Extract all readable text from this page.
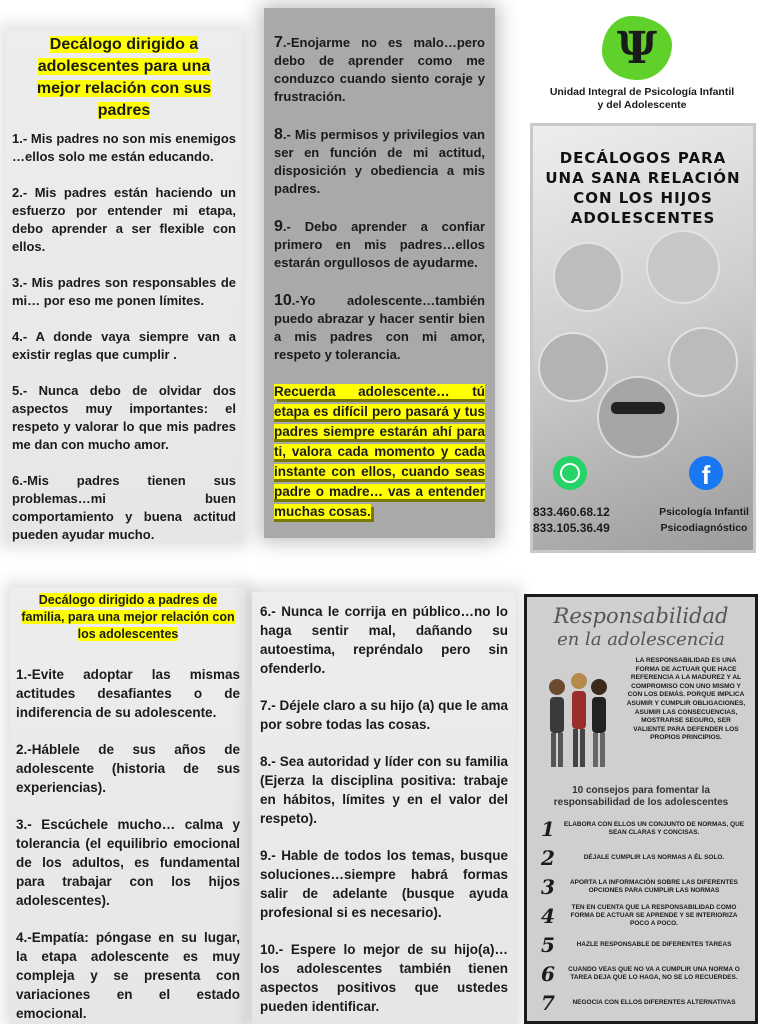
Decálogo dirigido a adolescentes para una mejor relación con sus padres

1.- Mis padres no son mis enemigos …ellos solo me están educando.

2.- Mis padres están haciendo un esfuerzo por entender mi etapa, debo aprender a ser flexible con ellos.

3.- Mis padres son responsables de mi… por eso me ponen límites.

4.- A donde vaya siempre van a existir reglas que cumplir .

5.- Nunca debo de olvidar dos aspectos muy importantes: el respeto y valorar lo que mis padres me dan con mucho amor.

6.-Mis padres tienen sus problemas…mi buen comportamiento y buena actitud pueden ayudar mucho.

7.-Enojarme no es malo…pero debo de aprender como me conduzco cuando siento coraje y frustración.

8.- Mis permisos y privilegios van ser en función de mi actitud, disposición y obediencia a mis padres.

9.- Debo aprender a confiar primero en mis padres…ellos estarán orgullosos de ayudarme.

10.-Yo adolescente…también puedo abrazar y hacer sentir bien a mis padres con mi amor, respeto y tolerancia.

Recuerda adolescente… tú etapa es difícil pero pasará y tus padres siempre estarán ahí para ti, valora cada momento y cada instante con ellos, cuando seas padre o madre… vas a entender muchas cosas.

Ψ
Unidad Integral de Psicología Infantil
y del Adolescente
DECÁLOGOS PARA UNA SANA RELACIÓN CON LOS HIJOS ADOLESCENTES
f
833.460.68.12
833.105.36.49
Psicología Infantil
Psicodiagnóstico
Decálogo dirigido a padres de familia, para una mejor relación con los adolescentes

1.-Evite adoptar las mismas actitudes desafiantes o de indiferencia de su adolescente.

2.-Háblele de sus años de adolescente (historia de sus experiencias).

3.- Escúchele mucho… calma y tolerancia (el equilibrio emocional de los adultos, es fundamental para trabajar con los hijos adolescentes).

4.-Empatía: póngase en su lugar, la etapa adolescente es muy compleja y se presenta con variaciones en el estado emocional.

6.- Nunca le corrija en público…no lo haga sentir mal, dañando su autoestima, repréndalo pero sin ofenderlo.

7.- Déjele claro a su hijo (a) que le ama por sobre todas las cosas.

8.- Sea autoridad y líder con su familia (Ejerza la disciplina positiva: trabaje en hábitos, límites y en el valor del respeto).

9.- Hable de todos los temas, busque soluciones…siempre habrá formas salir de adelante (busque ayuda profesional si es necesario).

10.- Espere lo mejor de su hijo(a)… los adolescentes también tienen aspectos positivos que ustedes pueden identificar.

Responsabilidad
en la adolescencia
LA RESPONSABILIDAD ES UNA FORMA DE ACTUAR QUE HACE REFERENCIA A LA MADUREZ Y AL COMPROMISO CON UNO MISMO Y CON LOS DEMÁS. PORQUE IMPLICA ASUMIR Y CUMPLIR OBLIGACIONES, ASUMIR LAS CONSECUENCIAS, MOSTRARSE SEGURO, SER VALIENTE PARA DEFENDER LOS PROPIOS PRINCIPIOS.
10 consejos para fomentar la responsabilidad de los adolescentes
1	ELABORA CON ELLOS UN CONJUNTO DE NORMAS, QUE SEAN CLARAS Y CONCISAS.
2	DÉJALE CUMPLIR LAS NORMAS A ÉL SOLO.
3	APORTA LA INFORMACIÓN SOBRE LAS DIFERENTES OPCIONES PARA CUMPLIR LAS NORMAS
4	TEN EN CUENTA QUE LA RESPONSABILIDAD COMO FORMA DE ACTUAR SE APRENDE Y SE INTERIORIZA POCO A POCO.
5	HAZLE RESPONSABLE DE DIFERENTES TAREAS
6	CUANDO VEAS QUE NO VA A CUMPLIR UNA NORMA O TAREA DEJA QUE LO HAGA, NO SE LO RECUERDES.
7	NEGOCIA CON ELLOS DIFERENTES ALTERNATIVAS
